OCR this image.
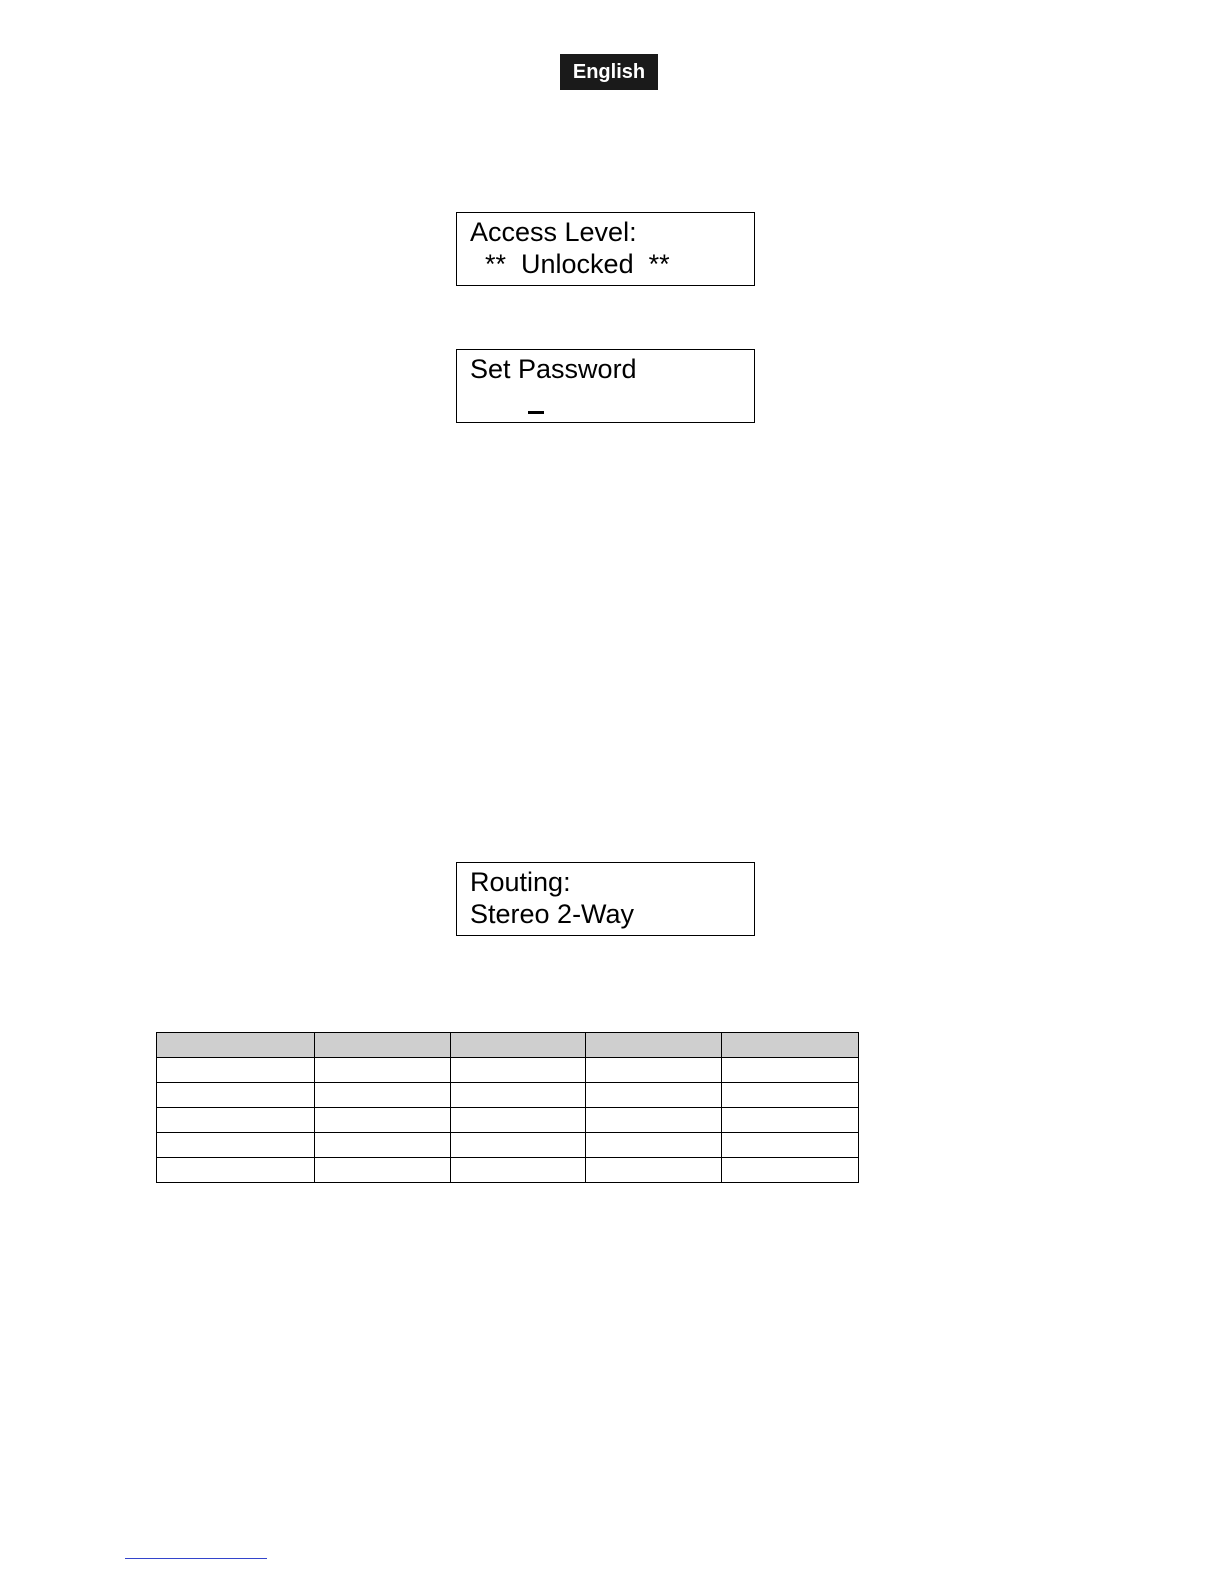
English
Access Level:
**  Unlocked  **
Set Password
Routing:
Stereo 2-Way
